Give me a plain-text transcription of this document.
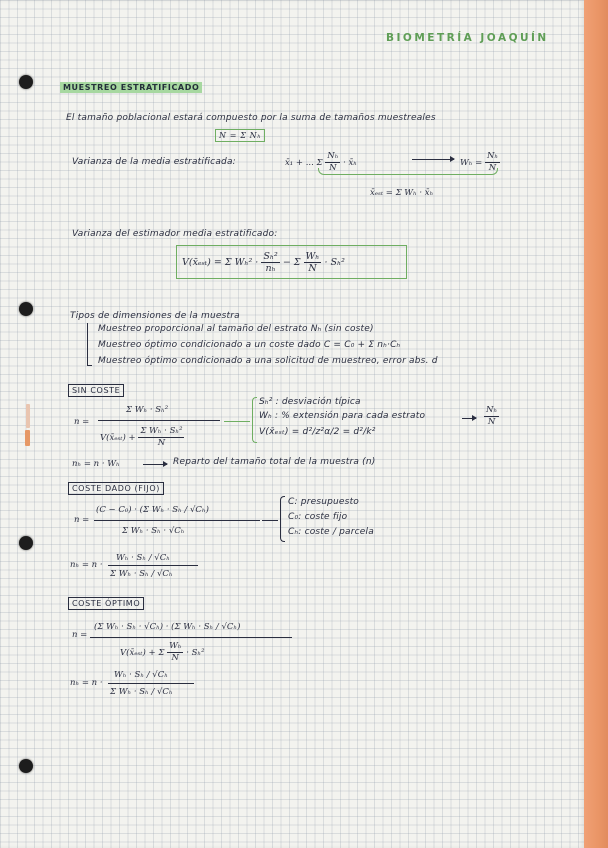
BIOMETRÍA JOAQUÍN
MUESTREO ESTRATIFICADO
El tamaño poblacional estará compuesto por la suma de tamaños muestreales
N = Σ Nₕ
Varianza de la media estratificada:	x̄₁ + ... Σ $\frac{\text{Nₕ}}{N}$ · x̄ₕ	$W_h = \frac{\text{Nₕ}}{N}$
x̄ₑₛₜ = Σ Wₕ · x̄ₕ
Varianza del estimador media estratificado:
V(x̄ₑₛₜ) = Σ $W_h^2 \cdot \frac{\text{Sₕ²}}{\text{nₕ}} - \Sigma \frac{\text{Wₕ}}{N} \cdot S_h^2$
Tipos de dimensiones de la muestra
Muestreo proporcional al tamaño del estrato Nₕ (sin coste)
Muestreo óptimo condicionado a un coste dado C = C₀ + Σ nₕ·Cₕ
Muestreo óptimo condicionado a una solicitud de muestreo, error abs. d
SIN COSTE
n =
Σ Wₕ · Sₕ²
V(x̄ₑₛₜ) + $\frac{\text{Σ Wₕ · Sₕ²}}{N}$
Sₕ² : desviación típica
Wₕ : % extensión para cada estrato	$\frac{\text{Nₕ}}{N}$
V(x̄ₑₛₜ) = d²/z²α/2 = d²/k²
nₕ = n · Wₕ	Reparto del tamaño total de la muestra (n)
COSTE DADO (FIJO)
n =
(C − C₀) · (Σ Wₕ · Sₕ / √Cₕ)
Σ Wₕ · Sₕ · √Cₕ
C: presupuesto
C₀: coste fijo
Cₕ: coste / parcela
nₕ = n ·
Wₕ · Sₕ / √Cₕ
Σ Wₕ · Sₕ / √Cₕ
COSTE ÓPTIMO
n =
(Σ Wₕ · Sₕ · √Cₕ) · (Σ Wₕ · Sₕ / √Cₕ)
V(x̄ₑₛₜ) + Σ $\frac{\text{Wₕ}}{N} \cdot S_h^2$
nₕ = n ·
Wₕ · Sₕ / √Cₕ
Σ Wₕ · Sₕ / √Cₕ
